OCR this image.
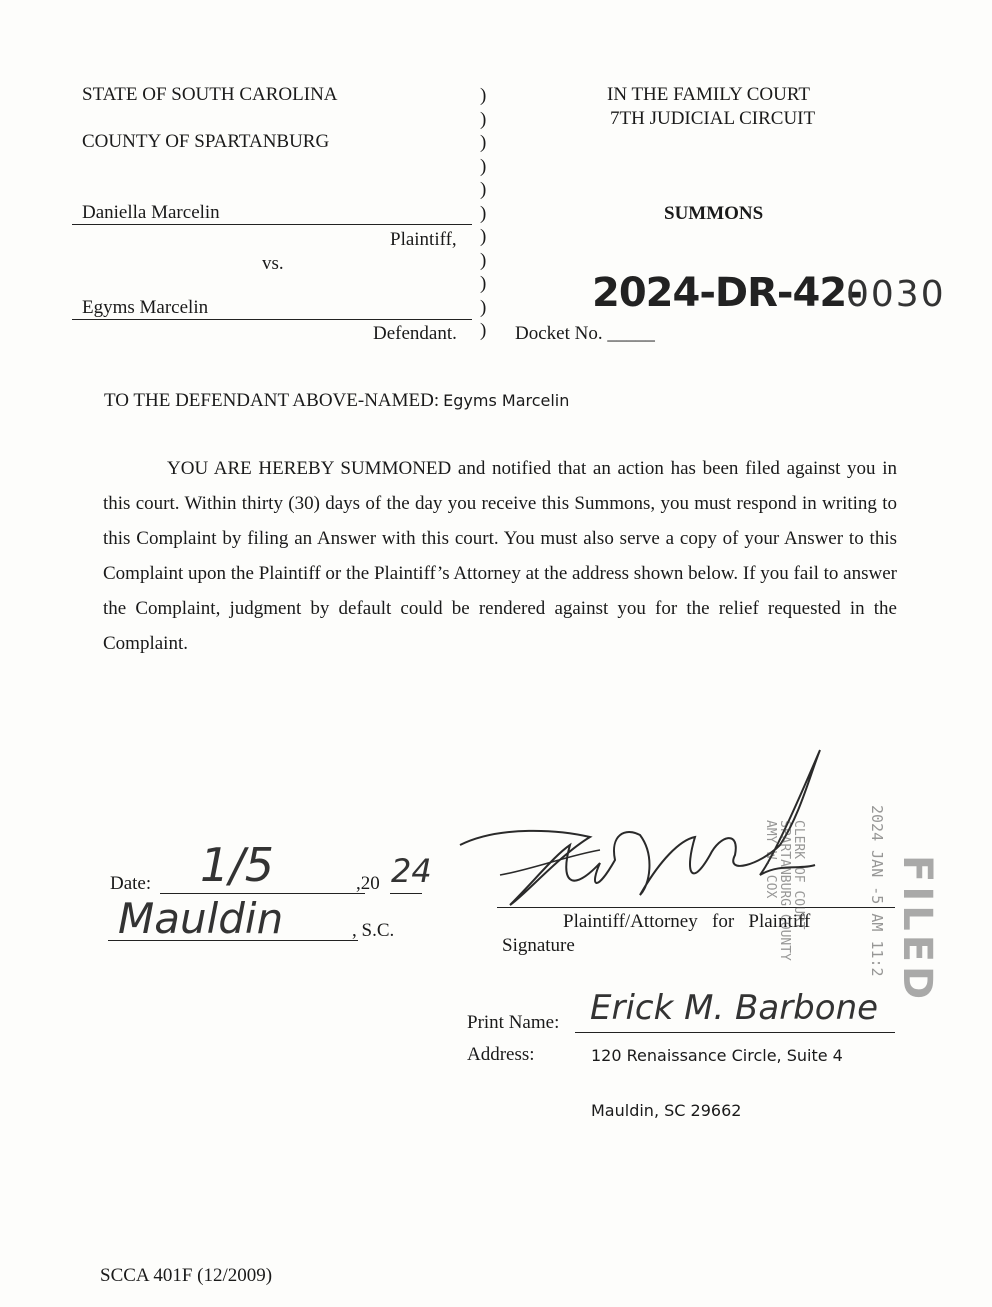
STATE OF SOUTH CAROLINA
COUNTY OF SPARTANBURG
Daniella Marcelin
Plaintiff,
vs.
Egyms Marcelin
Defendant.
)
)
)
)
)
)
)
)
)
)
)
IN THE FAMILY COURT
7TH JUDICIAL CIRCUIT
SUMMONS
2024-DR-42-
0030
Docket No. _____
TO THE DEFENDANT ABOVE-NAMED: Egyms Marcelin
YOU ARE HEREBY SUMMONED and notified that an action has been filed against you in this court. Within thirty (30) days of the day you receive this Summons, you must respond in writing to this Complaint by filing an Answer with this court. You must also serve a copy of your Answer to this Complaint upon the Plaintiff or the Plaintiff’s Attorney at the address shown below. If you fail to answer the Complaint, judgment by default could be rendered against you for the relief requested in the Complaint.
Date: 1/5	,20 24
Mauldin	, S.C.	Plaintiff/Attorney   for   Plaintiff
Signature
Print Name: Erick M. Barbone
Address:	120 Renaissance Circle, Suite 4
Mauldin, SC 29662
2024 JAN -5 AM 11:2
CLERK OF COURT
SPARTANBURG COUNTY
AMY W. COX	FILED
SCCA 401F (12/2009)
